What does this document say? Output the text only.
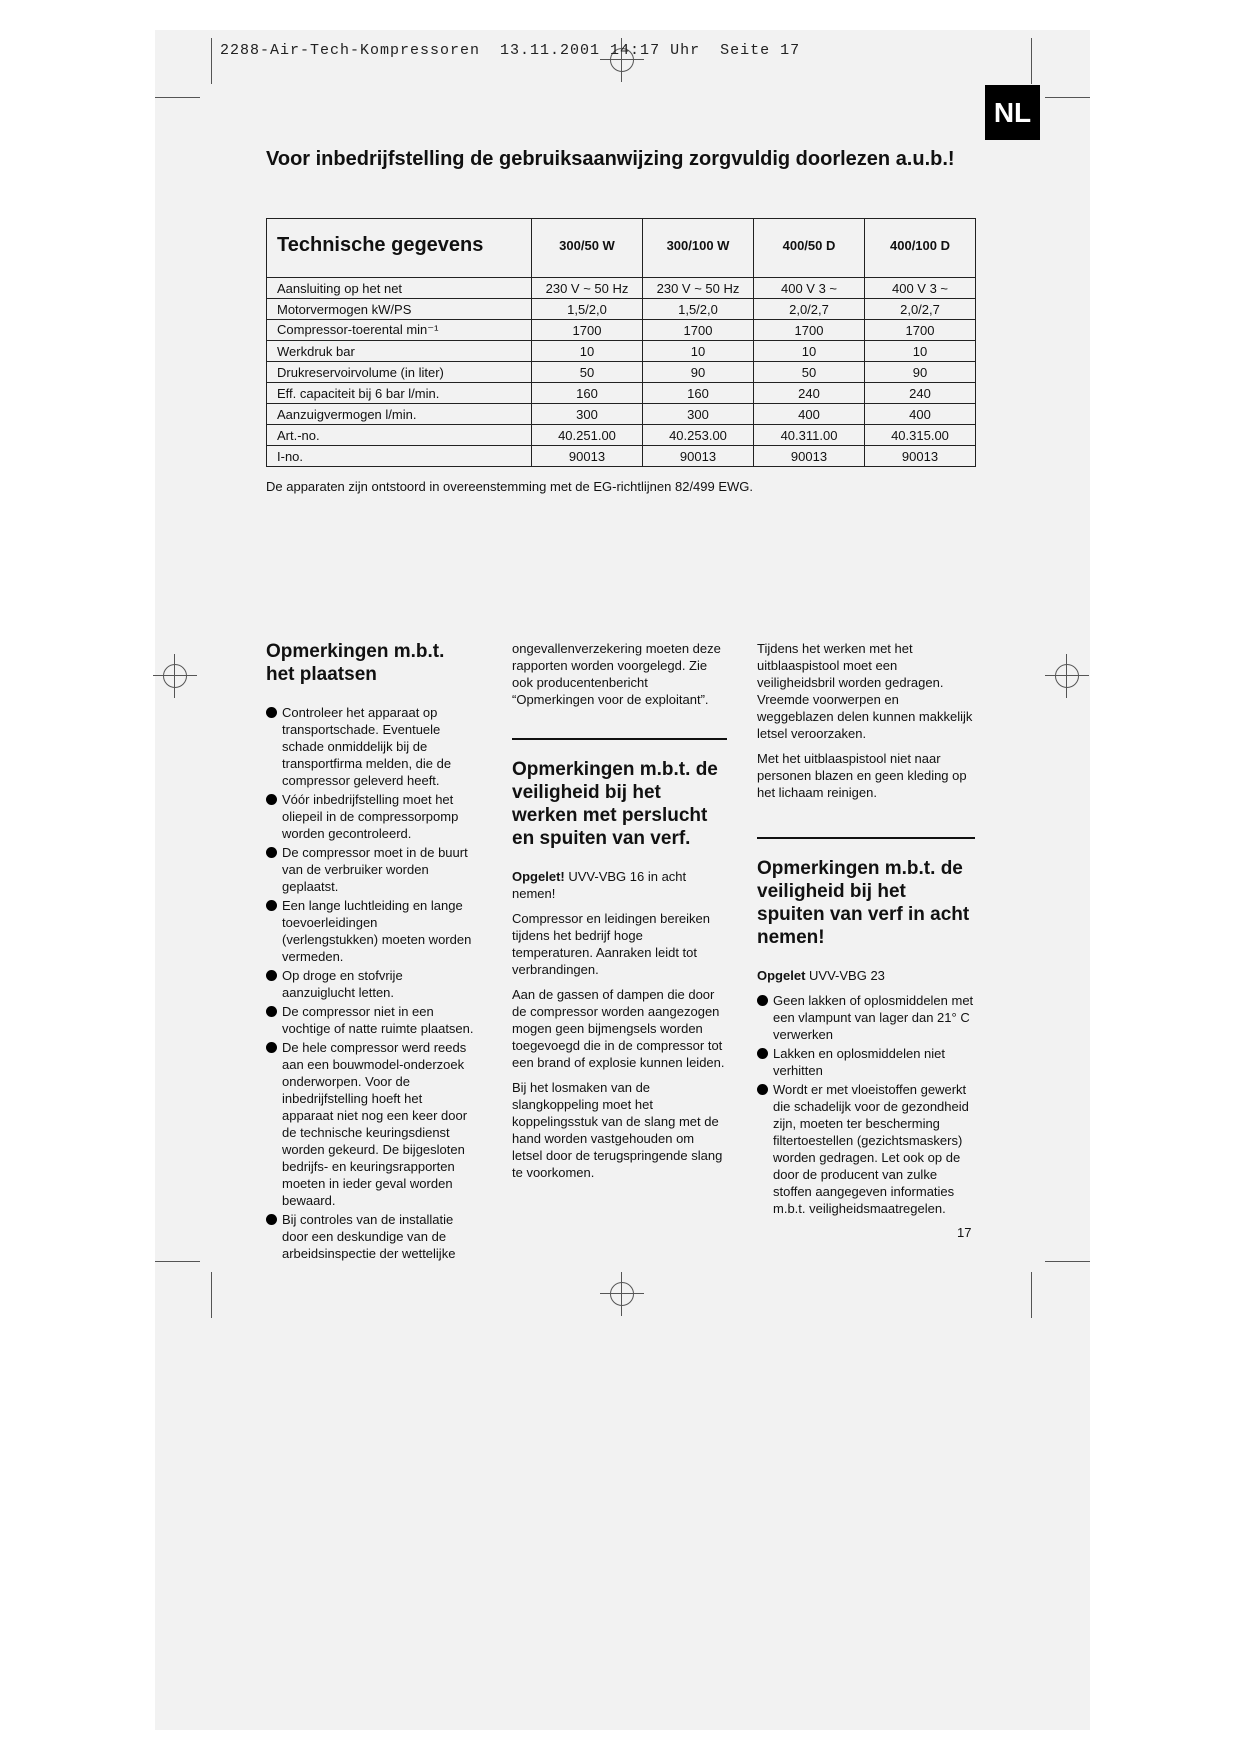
2288-Air-Tech-Kompressoren  13.11.2001 14:17 Uhr  Seite 17
NL
Voor inbedrijfstelling de gebruiksaanwijzing zorgvuldig doorlezen a.u.b.!
Technische gegevens	300/50 W	300/100 W	400/50 D	400/100 D

Aansluiting op het net	230 V ~ 50 Hz	230 V ~ 50 Hz	400 V 3 ~	400 V 3 ~
Motorvermogen kW/PS	1,5/2,0	1,5/2,0	2,0/2,7	2,0/2,7
Compressor-toerental min⁻¹	1700	1700	1700	1700
Werkdruk bar	10	10	10	10
Drukreservoirvolume (in liter)	50	90	50	90
Eff. capaciteit bij 6 bar l/min.	160	160	240	240
Aanzuigvermogen l/min.	300	300	400	400
Art.-no.	40.251.00	40.253.00	40.311.00	40.315.00
I-no.	90013	90013	90013	90013
De apparaten zijn ontstoord in overeenstemming met de EG-richtlijnen 82/499 EWG.
Opmerkingen m.b.t. het plaatsen
Controleer het apparaat op transportschade. Eventuele schade onmiddelijk bij de transportfirma melden, die de compressor geleverd heeft.
Vóór inbedrijfstelling moet het oliepeil in de compressorpomp worden gecontroleerd.
De compressor moet in de buurt van de verbruiker worden geplaatst.
Een lange luchtleiding en lange toevoerleidingen (verlengstukken) moeten worden vermeden.
Op droge en stofvrije aanzuiglucht letten.
De compressor niet in een vochtige of natte ruimte plaatsen.
De hele compressor werd reeds aan een bouwmodel-onderzoek onderworpen. Voor de inbedrijfstelling hoeft het apparaat niet nog een keer door de technische keuringsdienst worden gekeurd. De bijgesloten bedrijfs- en keuringsrapporten moeten in ieder geval worden bewaard.
Bij controles van de installatie door een deskundige van de arbeidsinspectie der wettelijke

ongevallenverzekering moeten deze rapporten worden voorgelegd. Zie ook producentenbericht “Opmerkingen voor de exploitant”.

Opmerkingen m.b.t. de veiligheid bij het werken met perslucht en spuiten van verf.

Opgelet! UVV-VBG 16 in acht nemen!

Compressor en leidingen bereiken tijdens het bedrijf hoge temperaturen. Aanraken leidt tot verbrandingen.

Aan de gassen of dampen die door de compressor worden aangezogen mogen geen bijmengsels worden toegevoegd die in de compressor tot een brand of explosie kunnen leiden.

Bij het losmaken van de slangkoppeling moet het koppelingsstuk van de slang met de hand worden vastgehouden om letsel door de terugspringende slang te voorkomen.

Tijdens het werken met het uitblaaspistool moet een veiligheidsbril worden gedragen. Vreemde voorwerpen en weggeblazen delen kunnen makkelijk letsel veroorzaken.

Met het uitblaaspistool niet naar personen blazen en geen kleding op het lichaam reinigen.

Opmerkingen m.b.t. de veiligheid bij het spuiten van verf in acht nemen!

Opgelet UVV-VBG 23

Geen lakken of oplosmiddelen met een vlampunt van lager dan 21° C verwerken
Lakken en oplosmiddelen niet verhitten
Wordt er met vloeistoffen gewerkt die schadelijk voor de gezondheid zijn, moeten ter bescherming filtertoestellen (gezichtsmaskers) worden gedragen. Let ook op de door de producent van zulke stoffen aangegeven informaties m.b.t. veiligheidsmaatregelen.
17
